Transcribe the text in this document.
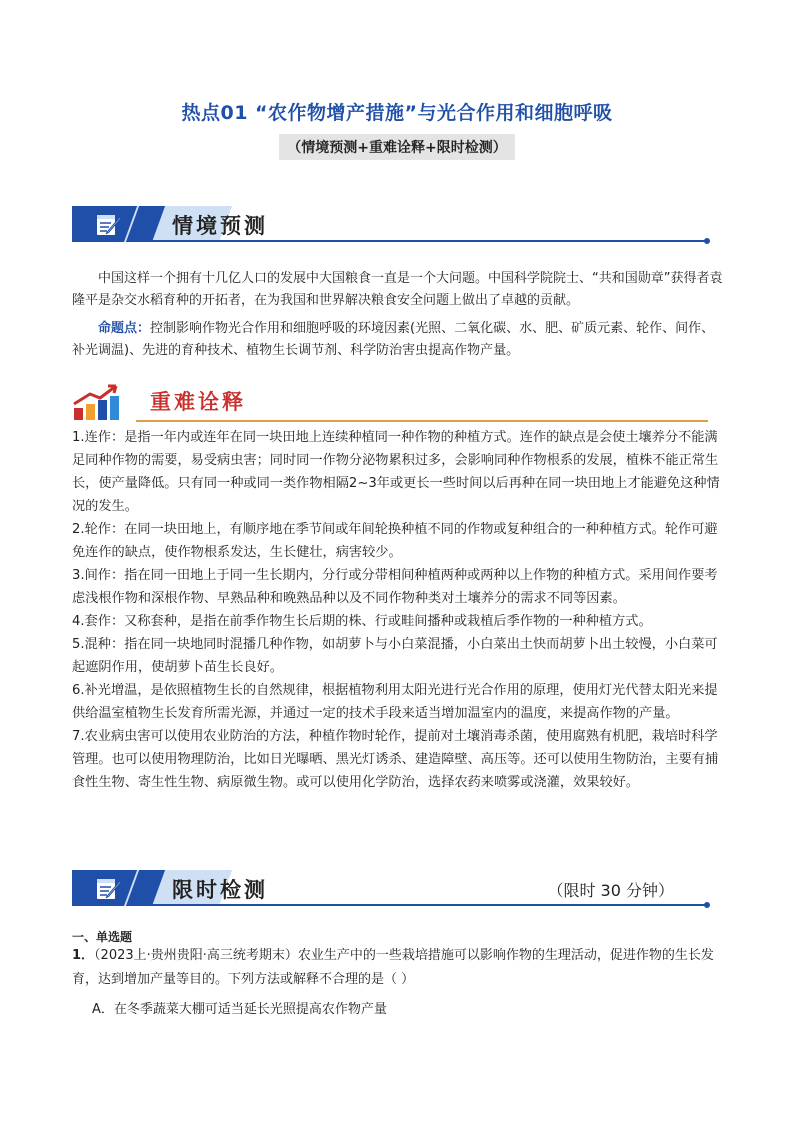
热点01 “农作物增产措施”与光合作用和细胞呼吸
（情境预测+重难诠释+限时检测）
情境预测

中国这样一个拥有十几亿人口的发展中大国粮食一直是一个大问题。中国科学院院士、“共和国勋章”获得者袁隆平是杂交水稻育种的开拓者，在为我国和世界解决粮食安全问题上做出了卓越的贡献。

命题点：控制影响作物光合作用和细胞呼吸的环境因素(光照、二氧化碳、水、肥、矿质元素、轮作、间作、补光调温)、先进的育种技术、植物生长调节剂、科学防治害虫提高作物产量。

重难诠释

1.连作：是指一年内或连年在同一块田地上连续种植同一种作物的种植方式。连作的缺点是会使土壤养分不能满足同种作物的需要，易受病虫害；同时同一作物分泌物累积过多，会影响同种作物根系的发展，植株不能正常生长，使产量降低。只有同一种或同一类作物相隔2~3年或更长一些时间以后再种在同一块田地上才能避免这种情况的发生。

2.轮作：在同一块田地上，有顺序地在季节间或年间轮换种植不同的作物或复种组合的一种种植方式。轮作可避免连作的缺点，使作物根系发达，生长健壮，病害较少。

3.间作：指在同一田地上于同一生长期内，分行或分带相间种植两种或两种以上作物的种植方式。采用间作要考虑浅根作物和深根作物、早熟品种和晚熟品种以及不同作物种类对土壤养分的需求不同等因素。

4.套作：又称套种，是指在前季作物生长后期的株、行或畦间播种或栽植后季作物的一种种植方式。

5.混种：指在同一块地同时混播几种作物，如胡萝卜与小白菜混播，小白菜出土快而胡萝卜出土较慢，小白菜可起遮阴作用，使胡萝卜苗生长良好。

6.补光增温，是依照植物生长的自然规律，根据植物利用太阳光进行光合作用的原理，使用灯光代替太阳光来提供给温室植物生长发育所需光源，并通过一定的技术手段来适当增加温室内的温度，来提高作物的产量。

7.农业病虫害可以使用农业防治的方法，种植作物时轮作，提前对土壤消毒杀菌，使用腐熟有机肥，栽培时科学管理。也可以使用物理防治，比如日光曝晒、黑光灯诱杀、建造障壁、高压等。还可以使用生物防治，主要有捕食性生物、寄生性生物、病原微生物。或可以使用化学防治，选择农药来喷雾或浇灌，效果较好。

限时检测	（限时 30 分钟）
一、单选题
1．（2023上·贵州贵阳·高三统考期末）农业生产中的一些栽培措施可以影响作物的生理活动，促进作物的生长发育，达到增加产量等目的。下列方法或解释不合理的是（ ）
A．在冬季蔬菜大棚可适当延长光照提高农作物产量
